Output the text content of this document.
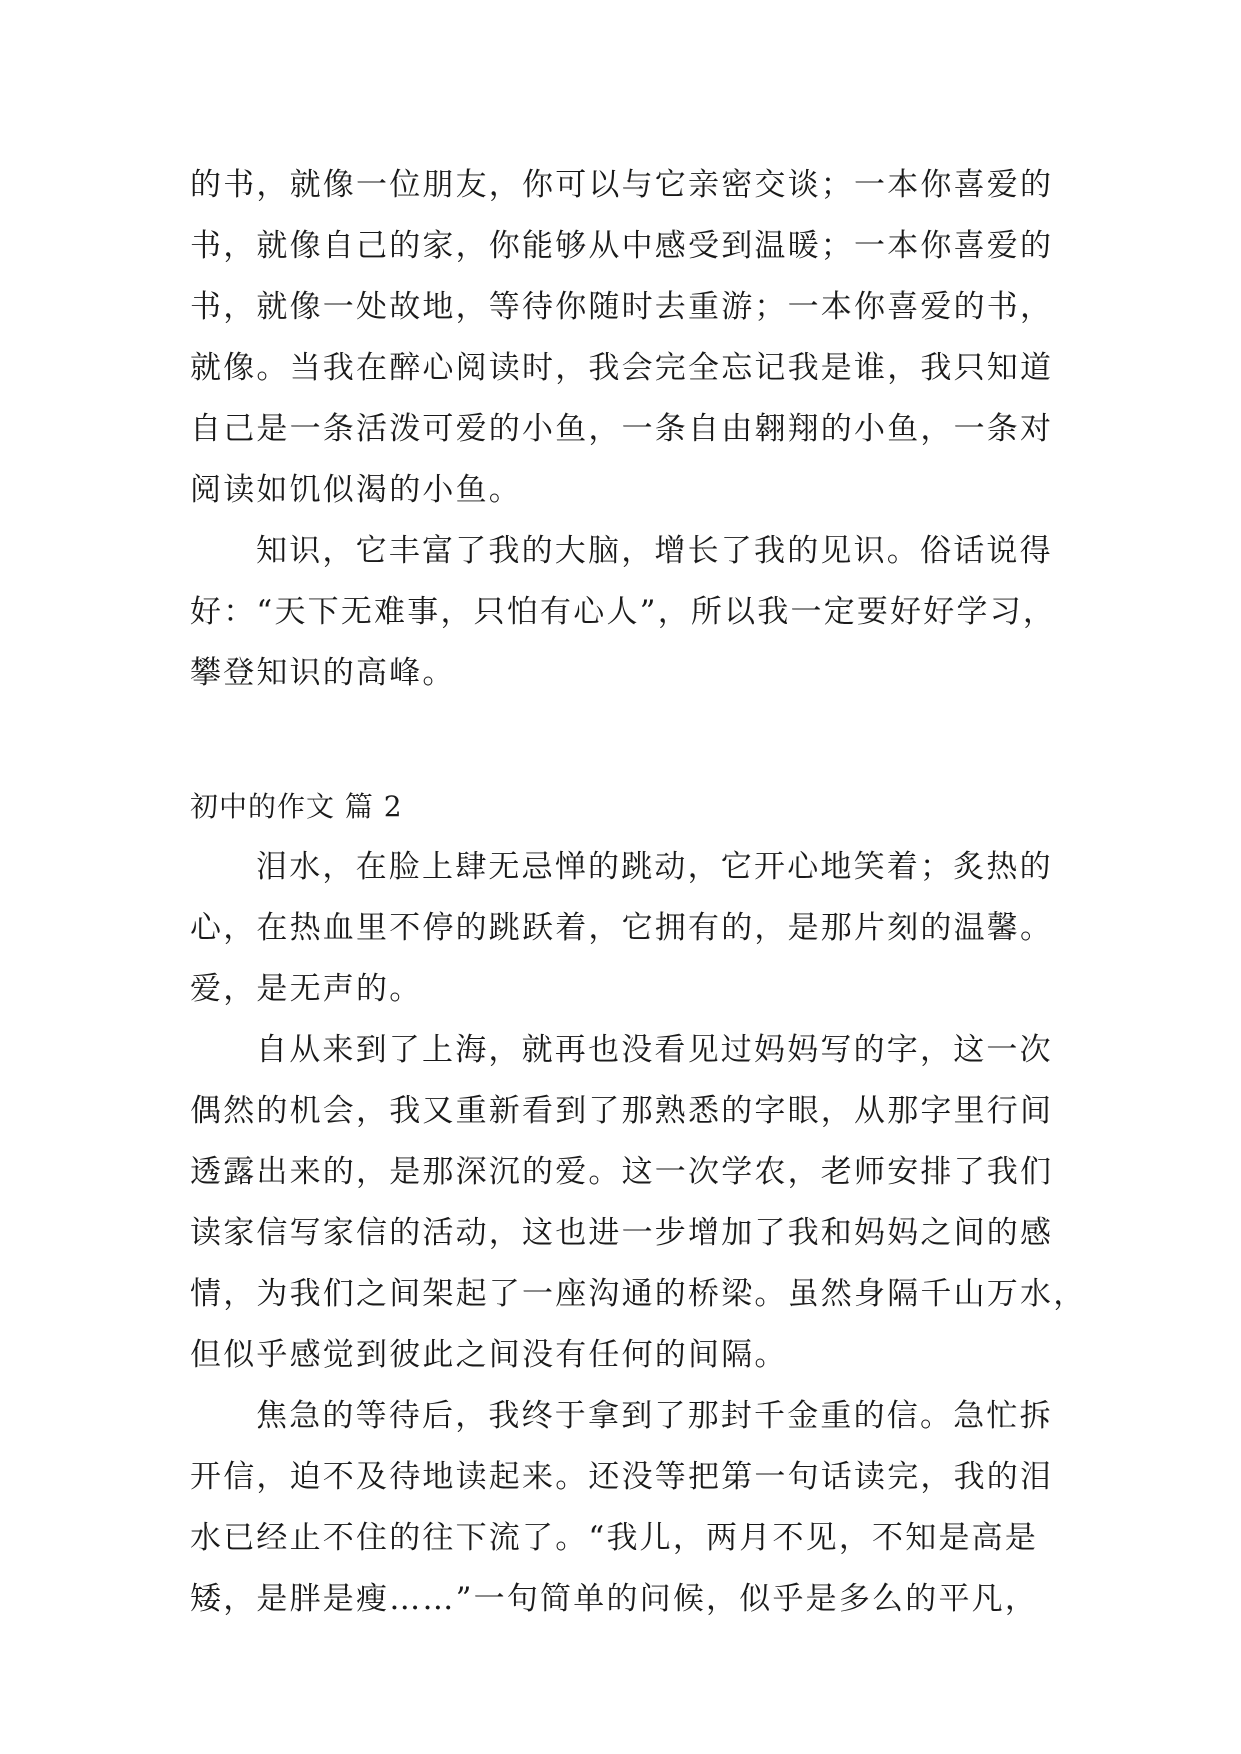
的书，就像一位朋友，你可以与它亲密交谈；一本你喜爱的
书，就像自己的家，你能够从中感受到温暖；一本你喜爱的
书，就像一处故地，等待你随时去重游；一本你喜爱的书，
就像。当我在醉心阅读时，我会完全忘记我是谁，我只知道
自己是一条活泼可爱的小鱼，一条自由翱翔的小鱼，一条对
阅读如饥似渴的小鱼。
知识，它丰富了我的大脑，增长了我的见识。俗话说得
好：“天下无难事，只怕有心人”，所以我一定要好好学习，
攀登知识的高峰。
初中的作文 篇 2
泪水，在脸上肆无忌惮的跳动，它开心地笑着；炙热的
心，在热血里不停的跳跃着，它拥有的，是那片刻的温馨。
爱，是无声的。
自从来到了上海，就再也没看见过妈妈写的字，这一次
偶然的机会，我又重新看到了那熟悉的字眼，从那字里行间
透露出来的，是那深沉的爱。这一次学农，老师安排了我们
读家信写家信的活动，这也进一步增加了我和妈妈之间的感
情，为我们之间架起了一座沟通的桥梁。虽然身隔千山万水，
但似乎感觉到彼此之间没有任何的间隔。
焦急的等待后，我终于拿到了那封千金重的信。急忙拆
开信，迫不及待地读起来。还没等把第一句话读完，我的泪
水已经止不住的往下流了。“我儿，两月不见，不知是高是
矮，是胖是瘦……”一句简单的问候，似乎是多么的平凡，
